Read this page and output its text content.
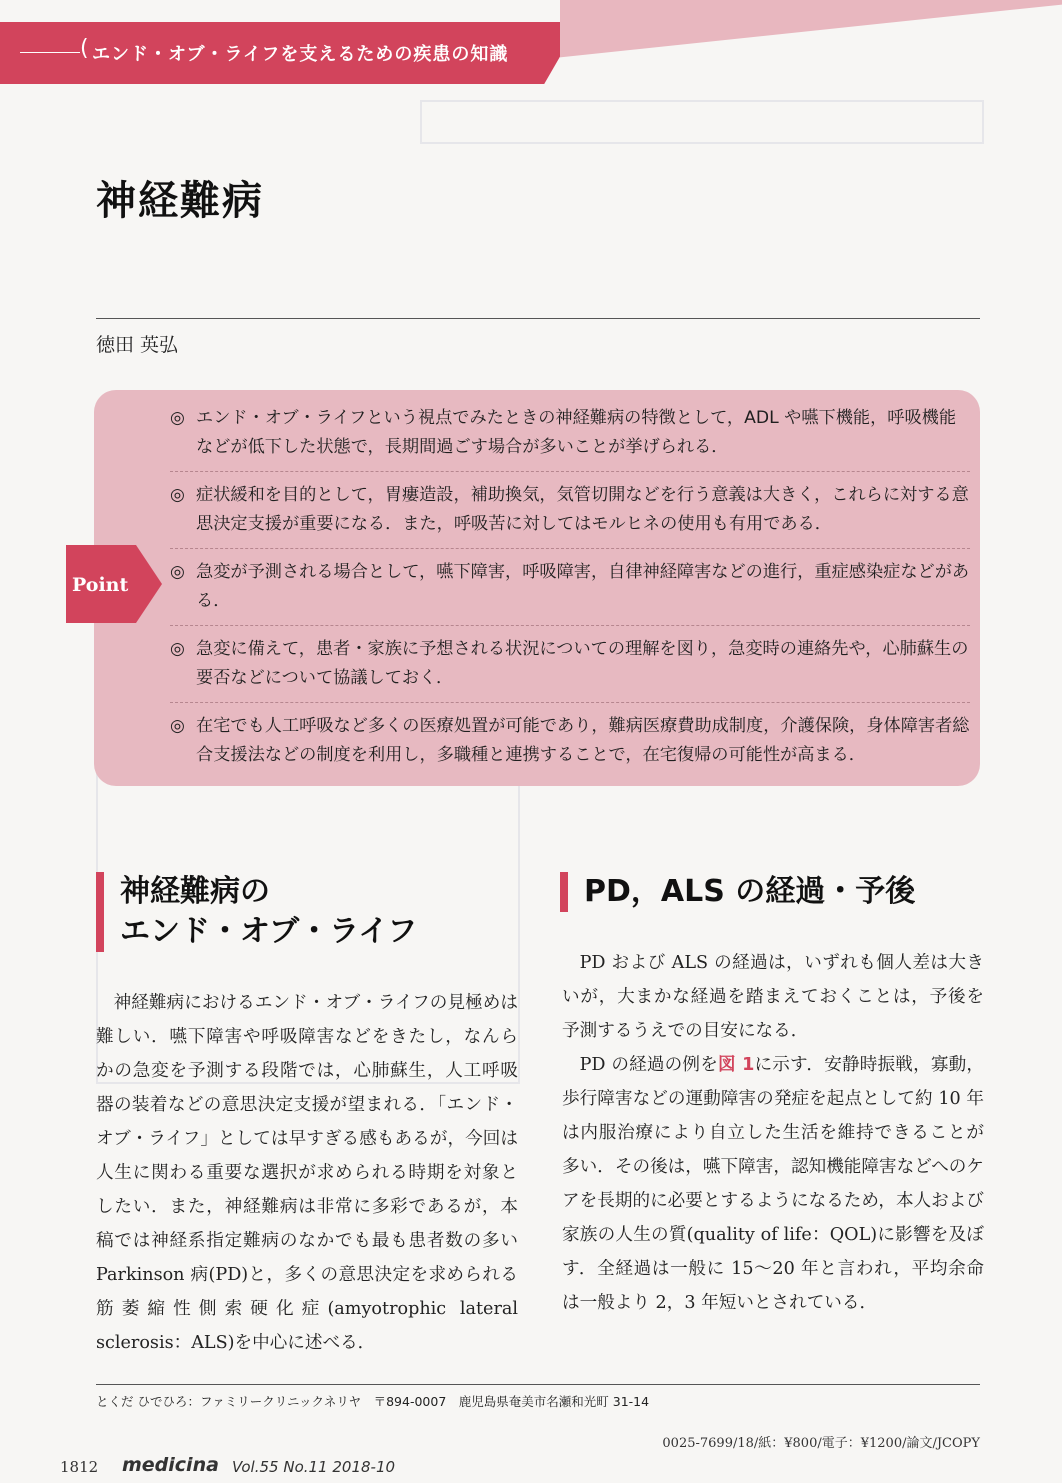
( エンド・オブ・ライフを支えるための疾患の知識
神経難病
徳田 英弘
Point
◎ エンド・オブ・ライフという視点でみたときの神経難病の特徴として，ADL や嚥下機能，呼吸機能などが低下した状態で，長期間過ごす場合が多いことが挙げられる．
◎ 症状緩和を目的として，胃瘻造設，補助換気，気管切開などを行う意義は大きく，これらに対する意思決定支援が重要になる．また，呼吸苦に対してはモルヒネの使用も有用である．
◎ 急変が予測される場合として，嚥下障害，呼吸障害，自律神経障害などの進行，重症感染症などがある．
◎ 急変に備えて，患者・家族に予想される状況についての理解を図り，急変時の連絡先や，心肺蘇生の要否などについて協議しておく．
◎ 在宅でも人工呼吸など多くの医療処置が可能であり，難病医療費助成制度，介護保険，身体障害者総合支援法などの制度を利用し，多職種と連携することで，在宅復帰の可能性が高まる．
神経難病の
エンド・オブ・ライフ

神経難病におけるエンド・オブ・ライフの見極めは難しい．嚥下障害や呼吸障害などをきたし，なんらかの急変を予測する段階では，心肺蘇生，人工呼吸器の装着などの意思決定支援が望まれる．「エンド・オブ・ライフ」としては早すぎる感もあるが，今回は人生に関わる重要な選択が求められる時期を対象としたい．また，神経難病は非常に多彩であるが，本稿では神経系指定難病のなかでも最も患者数の多い Parkinson 病(PD)と，多くの意思決定を求められる筋萎縮性側索硬化症(amyotrophic lateral sclerosis：ALS)を中心に述べる．

PD，ALS の経過・予後

PD および ALS の経過は，いずれも個人差は大きいが，大まかな経過を踏まえておくことは，予後を予測するうえでの目安になる．

PD の経過の例を図 1に示す．安静時振戦，寡動，歩行障害などの運動障害の発症を起点として約 10 年は内服治療により自立した生活を維持できることが多い．その後は，嚥下障害，認知機能障害などへのケアを長期的に必要とするようになるため，本人および家族の人生の質(quality of life：QOL)に影響を及ぼす．全経過は一般に 15〜20 年と言われ，平均余命は一般より 2，3 年短いとされている．

とくだ ひでひろ：ファミリークリニックネリヤ　〒894-0007　鹿児島県奄美市名瀬和光町 31-14
0025-7699/18/紙：¥800/電子：¥1200/論文/JCOPY
1812 medicina Vol.55 No.11 2018-10
